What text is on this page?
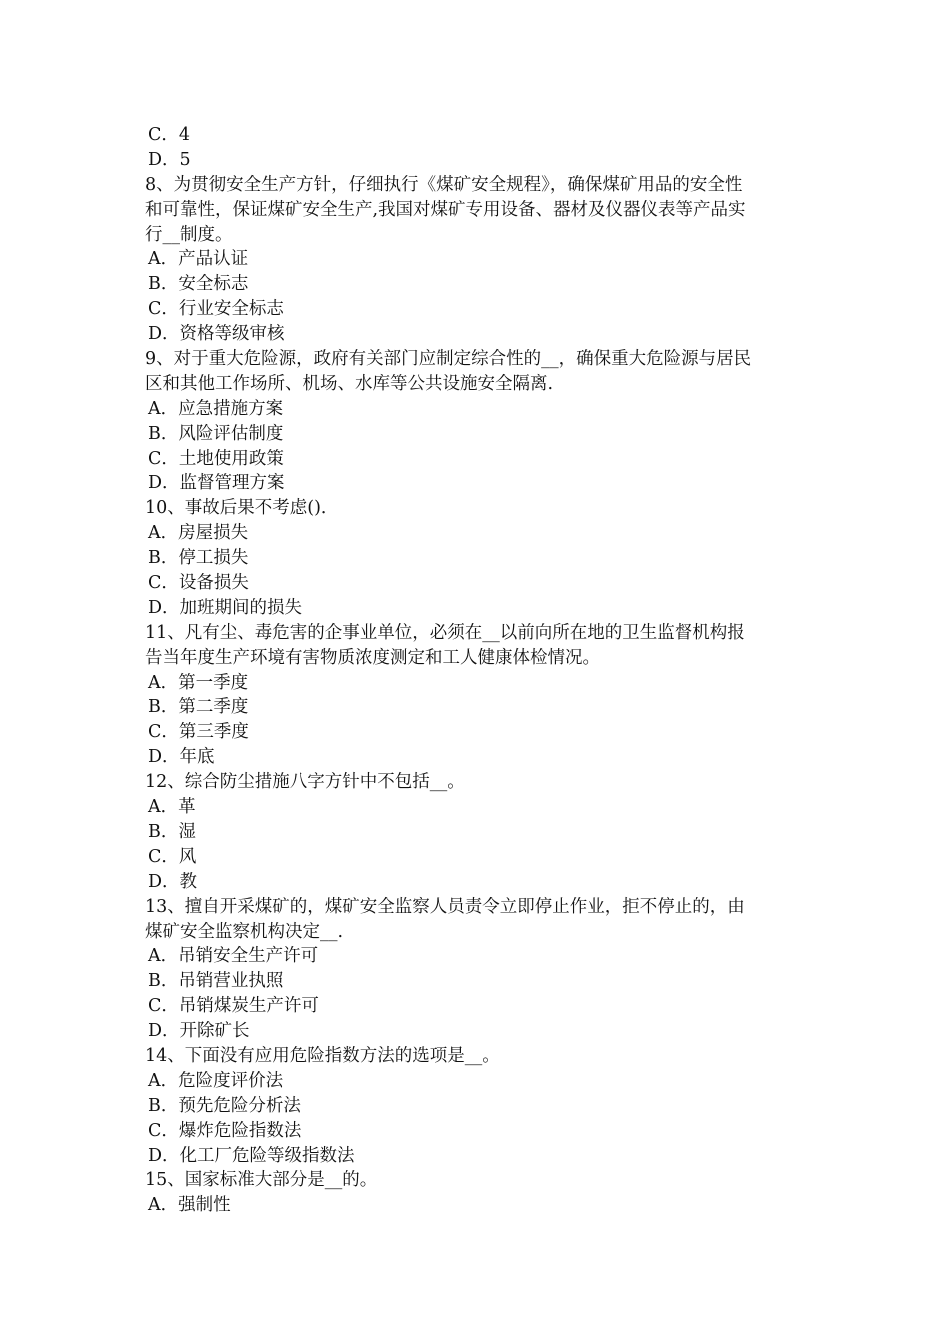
C．4
D．5
8、为贯彻安全生产方针，仔细执行《煤矿安全规程》，确保煤矿用品的安全性
和可靠性，保证煤矿安全生产,我国对煤矿专用设备、器材及仪器仪表等产品实
行__制度。
A．产品认证
B．安全标志
C．行业安全标志
D．资格等级审核
9、对于重大危险源，政府有关部门应制定综合性的__，确保重大危险源与居民
区和其他工作场所、机场、水库等公共设施安全隔离.
A．应急措施方案
B．风险评估制度
C．土地使用政策
D．监督管理方案
10、事故后果不考虑()．
A．房屋损失
B．停工损失
C．设备损失
D．加班期间的损失
11、凡有尘、毒危害的企事业单位，必须在__以前向所在地的卫生监督机构报
告当年度生产环境有害物质浓度测定和工人健康体检情况。
A．第一季度
B．第二季度
C．第三季度
D．年底
12、综合防尘措施八字方针中不包括__。
A．革
B．湿
C．风
D．教
13、擅自开采煤矿的，煤矿安全监察人员责令立即停止作业，拒不停止的，由
煤矿安全监察机构决定__.
A．吊销安全生产许可
B．吊销营业执照
C．吊销煤炭生产许可
D．开除矿长
14、下面没有应用危险指数方法的选项是__。
A．危险度评价法
B．预先危险分析法
C．爆炸危险指数法
D．化工厂危险等级指数法
15、国家标准大部分是__的。
A．强制性
